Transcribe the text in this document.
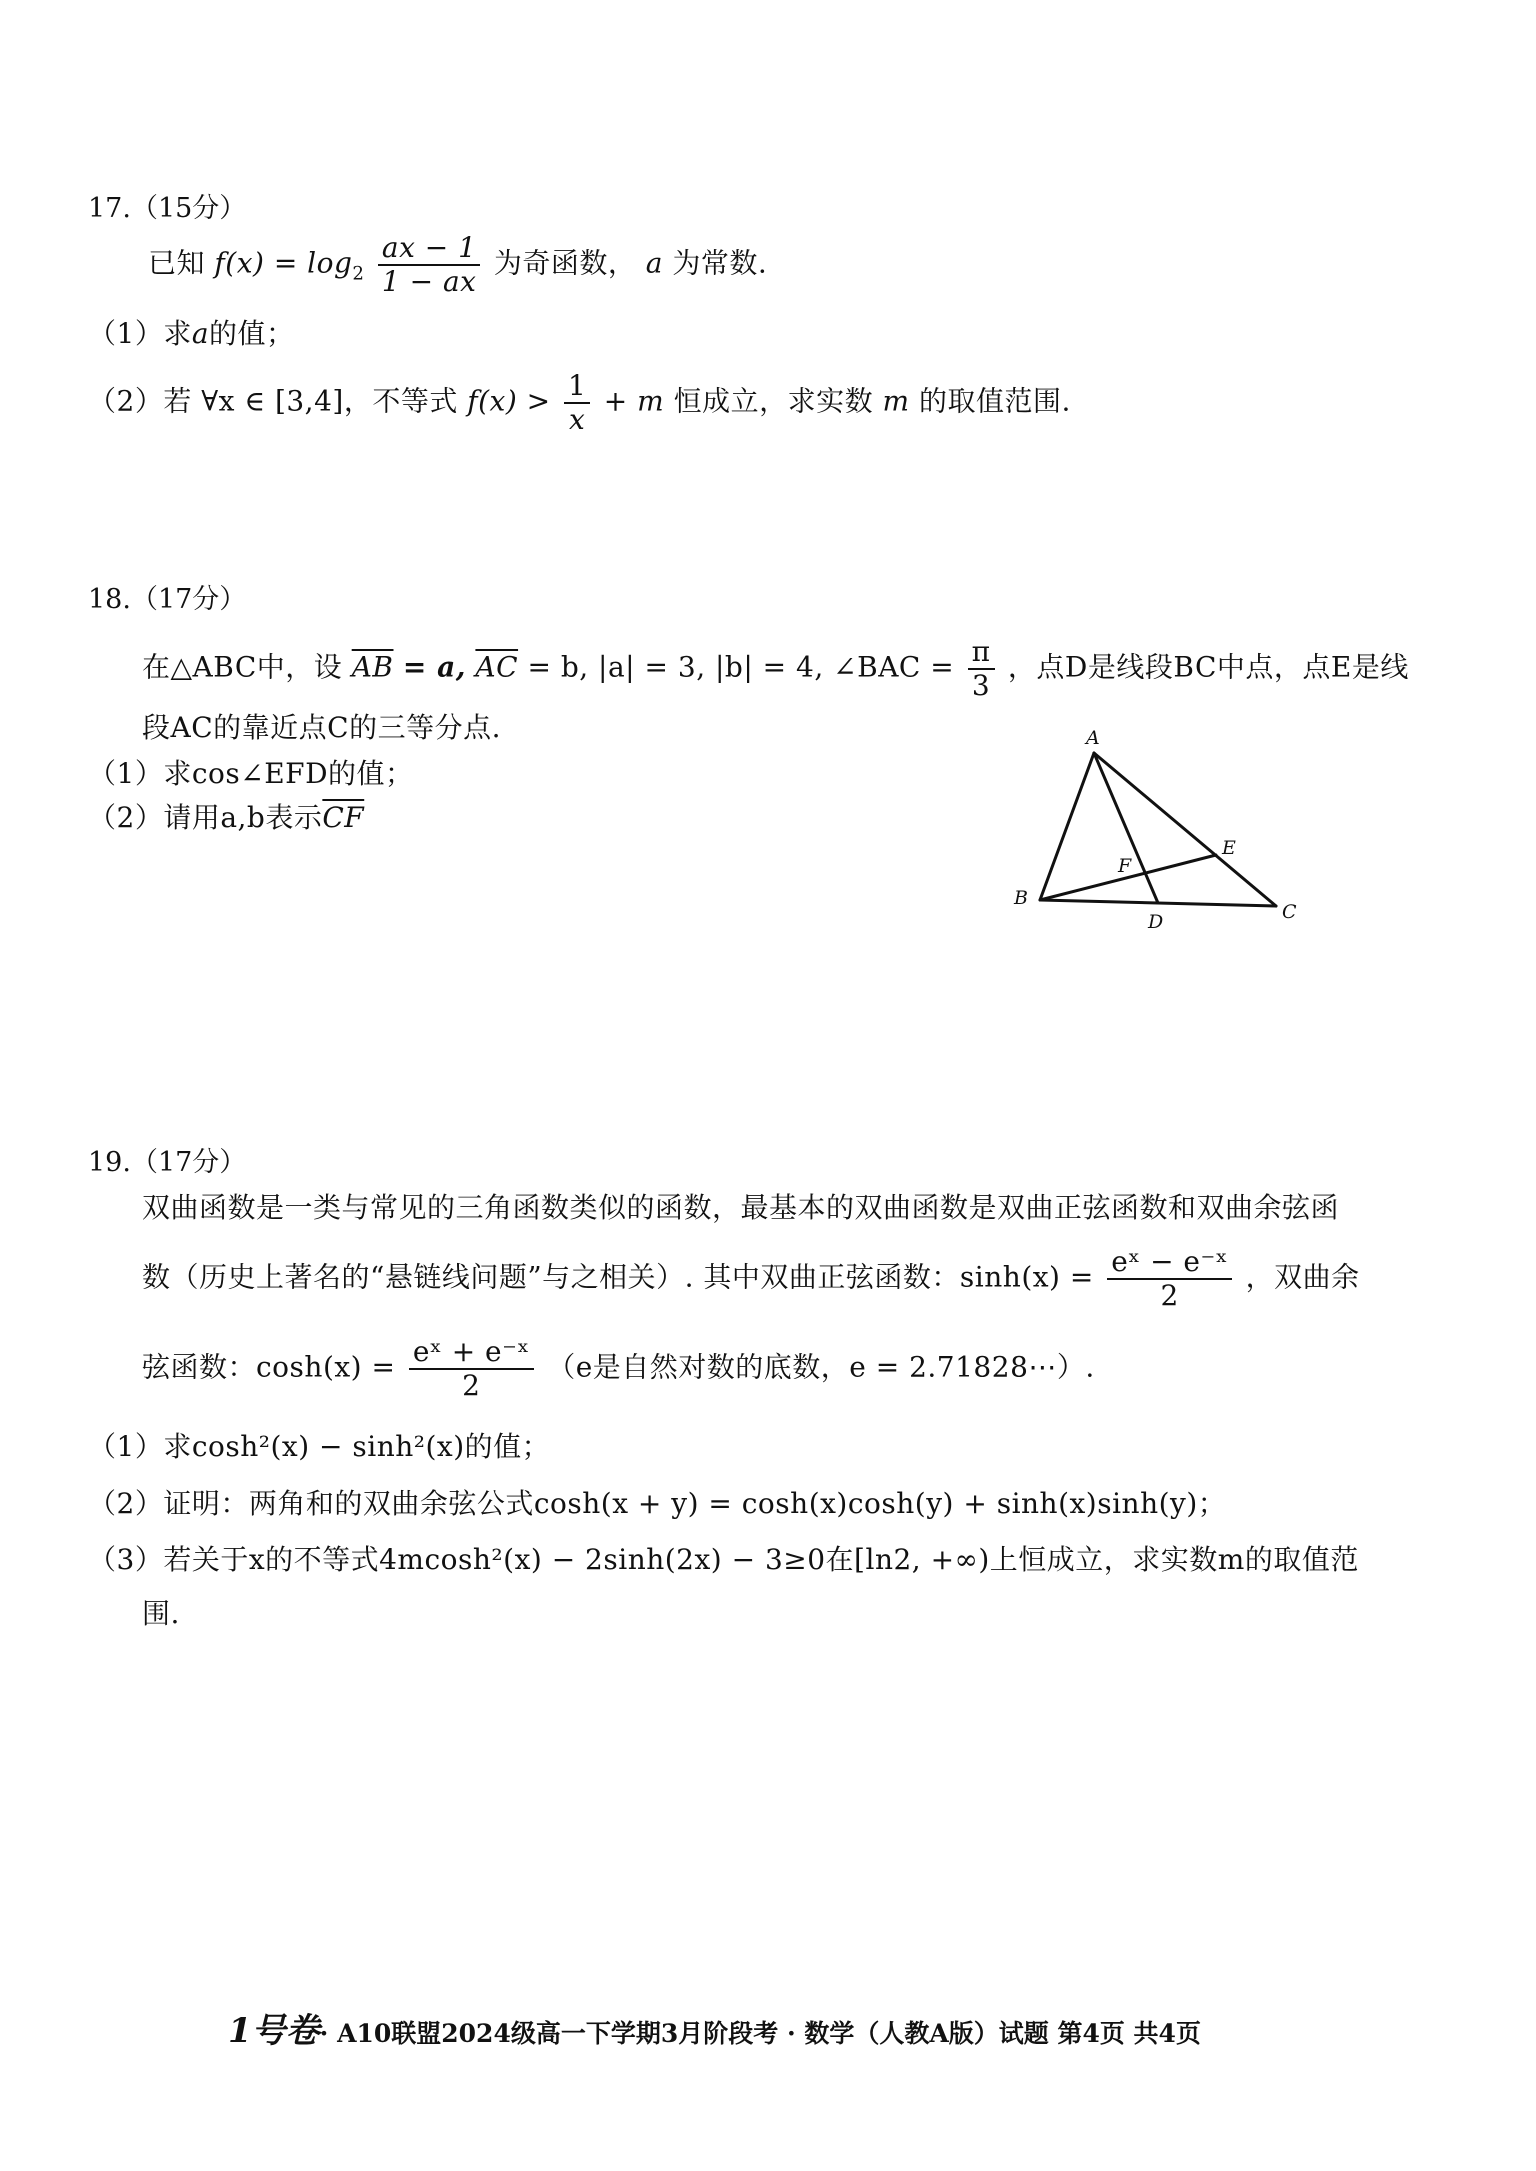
17.（15分）
已知 $f(x) = \log_2 \frac{ax - 1}{1 - ax}$ 为奇函数， a 为常数.
（1）求a的值；
（2）若 ∀x ∈ [3,4]，不等式 $f(x) > \frac{1}{x} + m$ 恒成立，求实数 m 的取值范围.
18.（17分）
在△ABC中，设 $\overline{AB} = a$, $\overline{AC} = b$, |a| = 3, |b| = 4, ∠BAC = $\frac{\pi}{3}$ ，点D是线段BC中点，点E是线
段AC的靠近点C的三等分点.
（1）求cos∠EFD的值；
（2）请用a,b表示$\overline{CF}$
A
B
C
D
E
F
19.（17分）
双曲函数是一类与常见的三角函数类似的函数，最基本的双曲函数是双曲正弦函数和双曲余弦函
数（历史上著名的“悬链线问题”与之相关）. 其中双曲正弦函数：$\sinh(x) = \frac{\text{eˣ − e⁻ˣ}}{2}$ ，双曲余
弦函数：$\cosh(x) = \frac{\text{eˣ + e⁻ˣ}}{2} (e$是自然对数的底数，e = 2.71828⋯）.
（1）求cosh²(x) − sinh²(x)的值；
（2）证明：两角和的双曲余弦公式cosh(x + y) = cosh(x)cosh(y) + sinh(x)sinh(y)；
（3）若关于x的不等式4mcosh²(x) − 2sinh(2x) − 3≥0在[ln2, +∞)上恒成立，求实数m的取值范
围.
1号卷· A10联盟2024级高一下学期3月阶段考 · 数学（人教A版）试题 第4页 共4页
